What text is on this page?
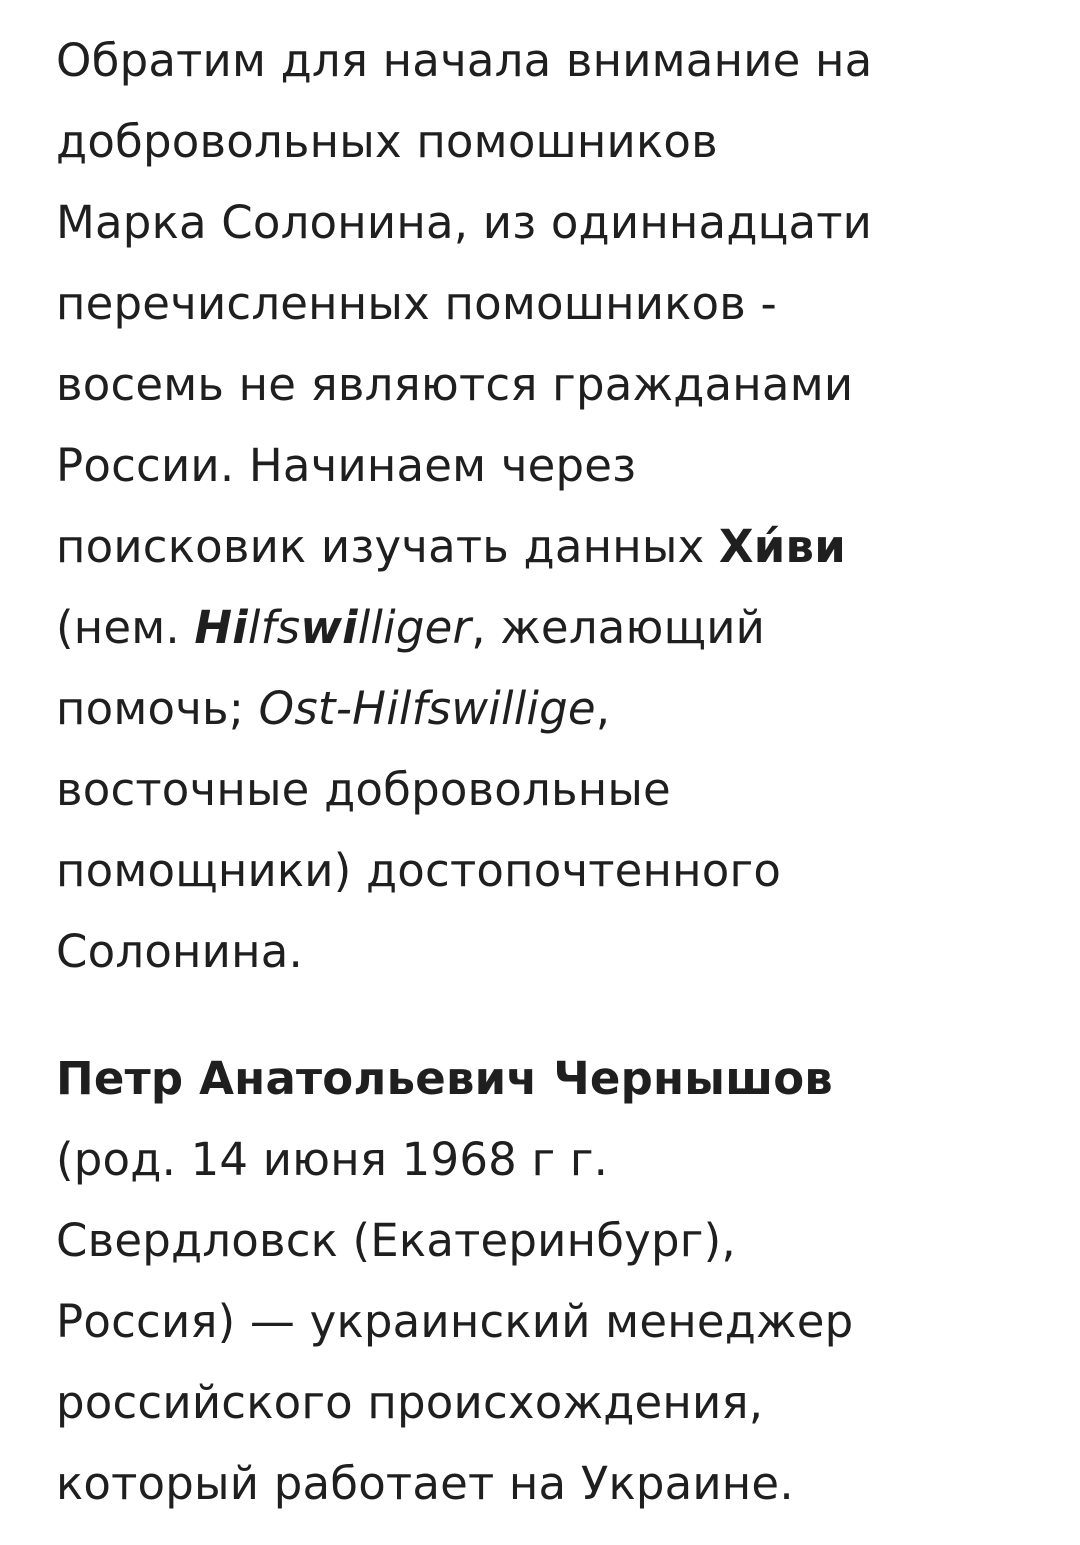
Обратим для начала внимание на
добровольных помошников
Марка Солонина, из одиннадцати
перечисленных помошников -
восемь не являются гражданами
России. Начинаем через
поисковик изучать данных Хи́ви
(нем. Hilfswilliger, желающий
помочь; Ost-Hilfswillige,
восточные добровольные
помощники) достопочтенного
Солонина.
Петр Анатольевич Чернышов
(род. 14 июня 1968 г г.
Свердловск (Екатеринбург),
Россия) — украинский менеджер
российского происхождения,
который работает на Украине.
